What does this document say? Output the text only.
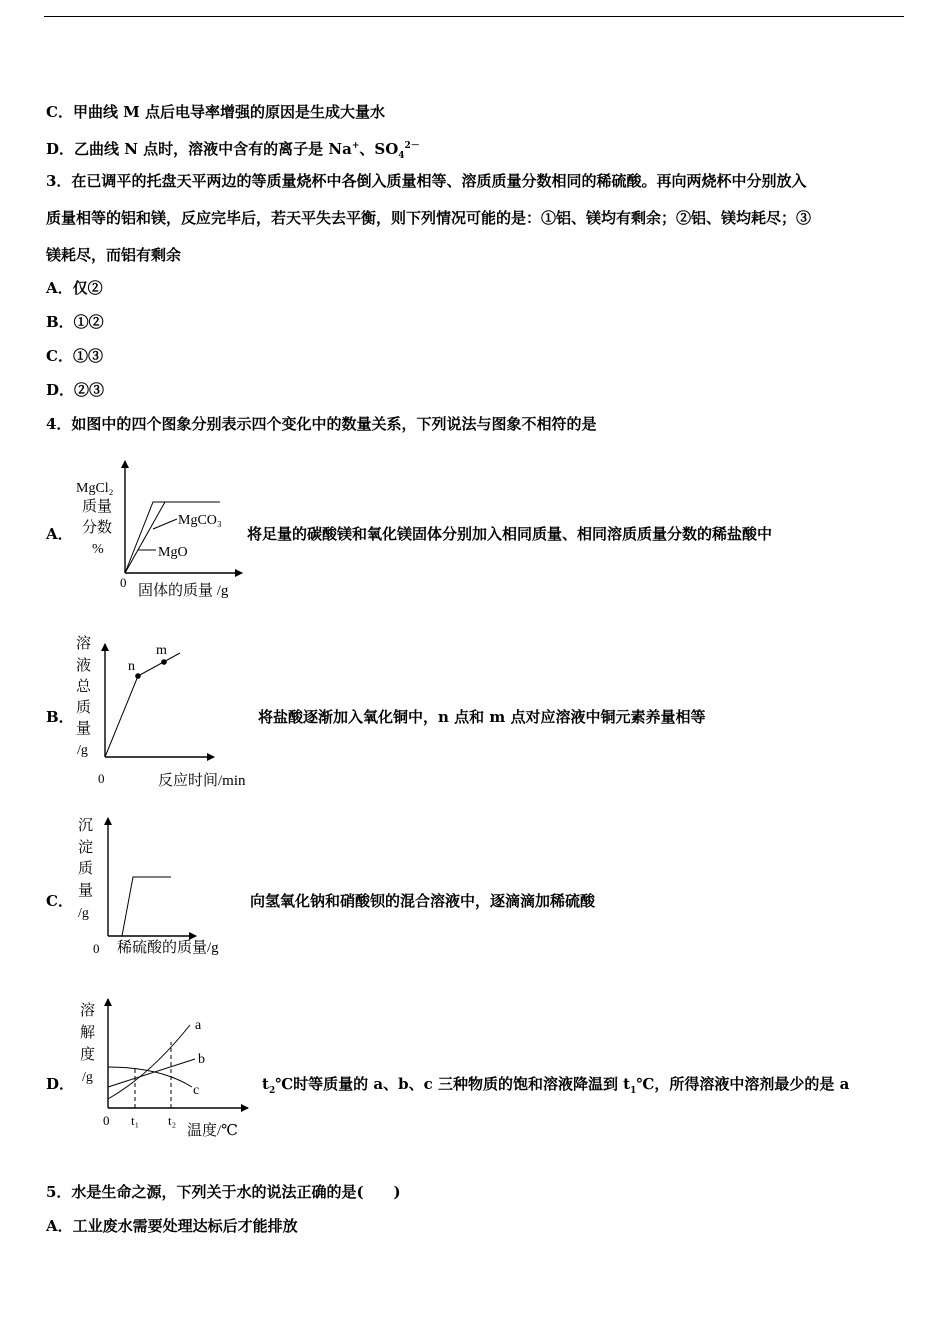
C．甲曲线 M 点后电导率增强的原因是生成大量水
D．乙曲线 N 点时，溶液中含有的离子是 Na+、$SO_4^{2-}$
3．在已调平的托盘天平两边的等质量烧杯中各倒入质量相等、溶质质量分数相同的稀硫酸。再向两烧杯中分别放入
质量相等的铝和镁，反应完毕后，若天平失去平衡，则下列情况可能的是：①铝、镁均有剩余；②铝、镁均耗尽；③
镁耗尽，而铝有剩余
A．仅②
B．①②
C．①③
D．②③
4．如图中的四个图象分别表示四个变化中的数量关系，下列说法与图象不相符的是
A．
MgCl₂
质量
分数
%
0
固体的质量 /g
MgCO₃
MgO
将足量的碳酸镁和氧化镁固体分别加入相同质量、相同溶质质量分数的稀盐酸中
B．
溶
液
总
质
量
/g
0	反应时间/min
n
m
将盐酸逐渐加入氧化铜中，n 点和 m 点对应溶液中铜元素养量相等
C．
沉
淀
质
量
/g
0 稀硫酸的质量/g
向氢氧化钠和硝酸钡的混合溶液中，逐滴滴加稀硫酸
D．
溶
解
度
/g
0 t₁ t₂
温度/℃
a
b
c	$t_2℃$时等质量的 a、b、c 三种物质的饱和溶液降温到 $t_1℃$，所得溶液中溶剂最少的是 a
5．水是生命之源，下列关于水的说法正确的是(　　)
A．工业废水需要处理达标后才能排放
